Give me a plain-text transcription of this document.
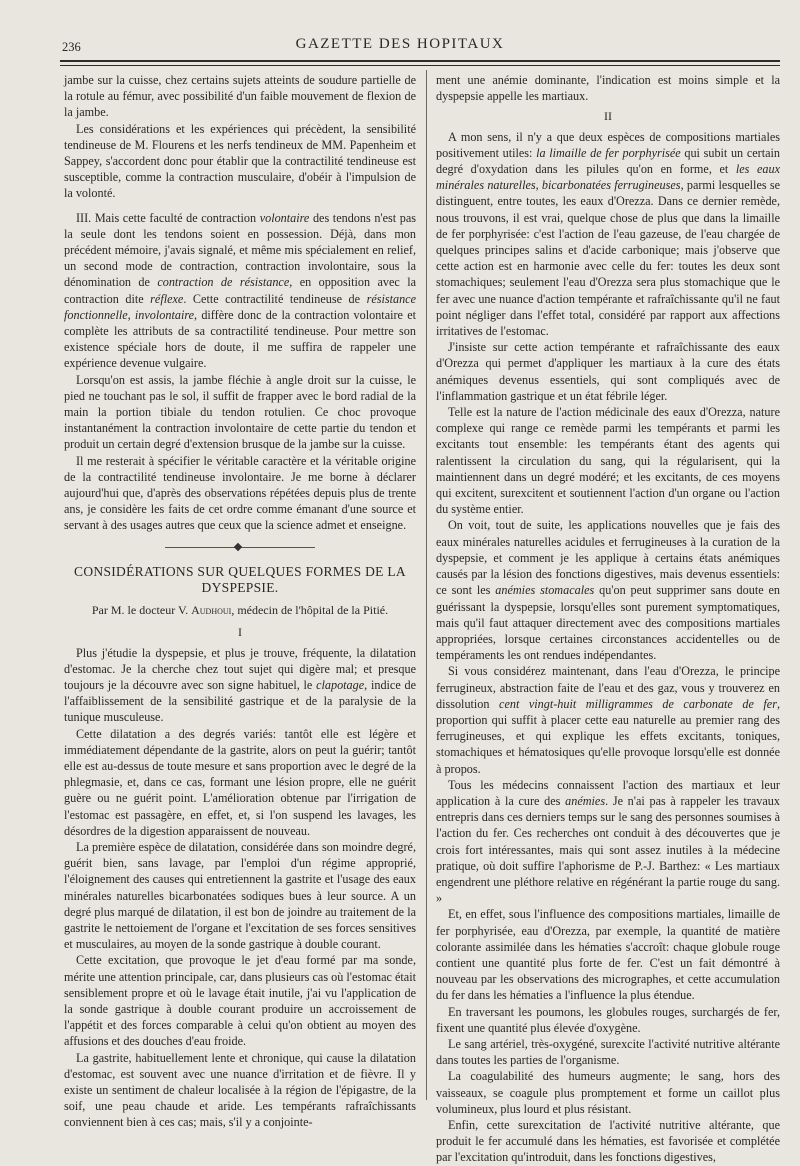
236	GAZETTE DES HOPITAUX

jambe sur la cuisse, chez certains sujets atteints de soudure partielle de la rotule au fémur, avec possibilité d'un faible mouvement de flexion de la jambe.

Les considérations et les expériences qui précèdent, la sensibilité tendineuse de M. Flourens et les nerfs tendineux de MM. Papenheim et Sappey, s'accordent donc pour établir que la contractilité tendineuse est susceptible, comme la contraction musculaire, d'obéir à l'impulsion de la volonté.

III. Mais cette faculté de contraction volontaire des tendons n'est pas la seule dont les tendons soient en possession. Déjà, dans mon précédent mémoire, j'avais signalé, et même mis spécialement en relief, un second mode de contraction, contraction involontaire, sous la dénomination de contraction de résistance, en opposition avec la contraction dite réflexe. Cette contractilité tendineuse de résistance fonctionnelle, involontaire, diffère donc de la contraction volontaire et complète les attributs de sa contractilité tendineuse. Pour mettre son existence spéciale hors de doute, il me suffira de rappeler une expérience devenue vulgaire.

Lorsqu'on est assis, la jambe fléchie à angle droit sur la cuisse, le pied ne touchant pas le sol, il suffit de frapper avec le bord radial de la main la portion tibiale du tendon rotulien. Ce choc provoque instantanément la contraction involontaire de cette partie du tendon et produit un certain degré d'extension brusque de la jambe sur la cuisse.

Il me resterait à spécifier le véritable caractère et la véritable origine de la contractilité tendineuse involontaire. Je me borne à déclarer aujourd'hui que, d'après des observations répétées depuis plus de trente ans, je considère les faits de cet ordre comme émanant d'une source et servant à des usages autres que ceux que la science admet et enseigne.

CONSIDÉRATIONS SUR QUELQUES FORMES DE LA DYSPEPSIE.
Par M. le docteur V. Audhoui, médecin de l'hôpital de la Pitié.
I

Plus j'étudie la dyspepsie, et plus je trouve, fréquente, la dilatation d'estomac. Je la cherche chez tout sujet qui digère mal; et presque toujours je la découvre avec son signe habituel, le clapotage, indice de l'affaiblissement de la sensibilité gastrique et de la paralysie de la tunique musculeuse.

Cette dilatation a des degrés variés: tantôt elle est légère et immédiatement dépendante de la gastrite, alors on peut la guérir; tantôt elle est au-dessus de toute mesure et sans proportion avec le degré de la phlegmasie, et, dans ce cas, formant une lésion propre, elle ne guérit guère ou ne guérit point. L'amélioration obtenue par l'irrigation de l'estomac est passagère, en effet, et, si l'on suspend les lavages, les désordres de la digestion apparaissent de nouveau.

La première espèce de dilatation, considérée dans son moindre degré, guérit bien, sans lavage, par l'emploi d'un régime approprié, l'éloignement des causes qui entretiennent la gastrite et l'usage des eaux minérales naturelles bicarbonatées sodiques bues à leur source. A un degré plus marqué de dilatation, il est bon de joindre au traitement de la gastrite le nettoiement de l'organe et l'excitation de ses forces sensitives et musculaires, au moyen de la sonde gastrique à double courant.

Cette excitation, que provoque le jet d'eau formé par ma sonde, mérite une attention principale, car, dans plusieurs cas où l'estomac était sensiblement propre et où le lavage était inutile, j'ai vu l'application de la sonde gastrique à double courant produire un accroissement de l'appétit et des forces comparable à celui qu'on obtient au moyen des affusions et des douches d'eau froide.

La gastrite, habituellement lente et chronique, qui cause la dilatation d'estomac, est souvent avec une nuance d'irritation et de fièvre. Il y existe un sentiment de chaleur localisée à la région de l'épigastre, de la soif, une peau chaude et aride. Les tempérants rafraîchissants conviennent bien à ces cas; mais, s'il y a conjointe-

ment une anémie dominante, l'indication est moins simple et la dyspepsie appelle les martiaux.

II

A mon sens, il n'y a que deux espèces de compositions martiales positivement utiles: la limaille de fer porphyrisée qui subit un certain degré d'oxydation dans les pilules qu'on en forme, et les eaux minérales naturelles, bicarbonatées ferrugineuses, parmi lesquelles se distinguent, entre toutes, les eaux d'Orezza. Dans ce dernier remède, nous trouvons, il est vrai, quelque chose de plus que dans la limaille de fer porphyrisée: c'est l'action de l'eau gazeuse, de l'eau chargée de quelques principes salins et d'acide carbonique; mais j'observe que cette action est en harmonie avec celle du fer: toutes les deux sont stomachiques; seulement l'eau d'Orezza sera plus stomachique que le fer avec une nuance d'action tempérante et rafraîchissante qu'il ne faut point négliger dans l'effet total, considéré par rapport aux affections irritatives de l'estomac.

J'insiste sur cette action tempérante et rafraîchissante des eaux d'Orezza qui permet d'appliquer les martiaux à la cure des états anémiques devenus essentiels, qui sont compliqués avec de l'inflammation gastrique et un état fébrile léger.

Telle est la nature de l'action médicinale des eaux d'Orezza, nature complexe qui range ce remède parmi les tempérants et parmi les excitants tout ensemble: les tempérants étant des agents qui ralentissent la circulation du sang, qui la régularisent, qui la maintiennent dans un degré modéré; et les excitants, de ces moyens qui excitent, surexcitent et soutiennent l'action d'un organe ou l'action du système entier.

On voit, tout de suite, les applications nouvelles que je fais des eaux minérales naturelles acidules et ferrugineuses à la curation de la dyspepsie, et comment je les applique à certains états anémiques causés par la lésion des fonctions digestives, mais devenus essentiels: ce sont les anémies stomacales qu'on peut supprimer sans doute en guérissant la dyspepsie, lorsqu'elles sont purement symptomatiques, mais qu'il faut attaquer directement avec des compositions martiales appropriées, lorsque certaines circonstances accidentelles ou de tempéraments les ont rendues indépendantes.

Si vous considérez maintenant, dans l'eau d'Orezza, le principe ferrugineux, abstraction faite de l'eau et des gaz, vous y trouverez en dissolution cent vingt-huit milligrammes de carbonate de fer, proportion qui suffit à placer cette eau naturelle au premier rang des ferrugineuses, et qui explique les effets excitants, toniques, stomachiques et hématosiques qu'elle provoque lorsqu'elle est donnée à propos.

Tous les médecins connaissent l'action des martiaux et leur application à la cure des anémies. Je n'ai pas à rappeler les travaux entrepris dans ces derniers temps sur le sang des personnes soumises à l'action du fer. Ces recherches ont conduit à des découvertes que je crois fort intéressantes, mais qui sont assez inutiles à la médecine pratique, où doit suffire l'aphorisme de P.-J. Barthez: « Les martiaux engendrent une pléthore relative en régénérant la partie rouge du sang. »

Et, en effet, sous l'influence des compositions martiales, limaille de fer porphyrisée, eau d'Orezza, par exemple, la quantité de matière colorante assimilée dans les hématies s'accroît: chaque globule rouge contient une quantité plus forte de fer. C'est un fait démontré à nouveau par les observations des micrographes, et cette accumulation du fer dans les hématies a l'influence la plus étendue.

En traversant les poumons, les globules rouges, surchargés de fer, fixent une quantité plus élevée d'oxygène.

Le sang artériel, très-oxygéné, surexcite l'activité nutritive altérante dans toutes les parties de l'organisme.

La coagulabilité des humeurs augmente; le sang, hors des vaisseaux, se coagule plus promptement et forme un caillot plus volumineux, plus lourd et plus résistant.

Enfin, cette surexcitation de l'activité nutritive altérante, que produit le fer accumulé dans les hématies, est favorisée et complétée par l'excitation qu'introduit, dans les fonctions digestives,
